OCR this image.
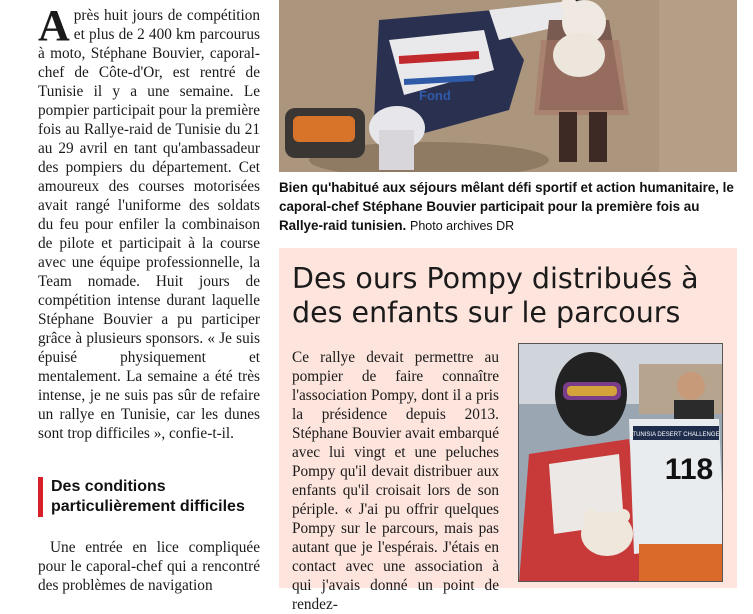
Après huit jours de compétition et plus de 2 400 km parcourus à moto, Stéphane Bouvier, caporal-chef de Côte-d'Or, est rentré de Tunisie il y a une semaine. Le pompier participait pour la première fois au Rallye-raid de Tunisie du 21 au 29 avril en tant qu'ambassadeur des pompiers du département. Cet amoureux des courses motorisées avait rangé l'uniforme des soldats du feu pour enfiler la combinaison de pilote et participait à la course avec une équipe professionnelle, la Team nomade. Huit jours de compétition intense durant laquelle Stéphane Bouvier a pu participer grâce à plusieurs sponsors. « Je suis épuisé physiquement et mentalement. La semaine a été très intense, je ne suis pas sûr de refaire un rallye en Tunisie, car les dunes sont trop difficiles », confie-t-il.

Des conditions particulièrement difficiles

Une entrée en lice compliquée pour le caporal-chef qui a rencontré des problèmes de navigation

Fond
Bien qu'habitué aux séjours mêlant défi sportif et action humanitaire, le caporal-chef Stéphane Bouvier participait pour la première fois au Rallye-raid tunisien. Photo archives DR
Des ours Pompy distribués à des enfants sur le parcours

Ce rallye devait permettre au pompier de faire connaître l'association Pompy, dont il a pris la présidence depuis 2013. Stéphane Bouvier avait embarqué avec lui vingt et une peluches Pompy qu'il devait distribuer aux enfants qu'il croisait lors de son périple. « J'ai pu offrir quelques Pompy sur le parcours, mais pas autant que je l'espérais. J'étais en contact avec une association à qui j'avais donné un point de rendez-

TUNISIA DESERT CHALLENGE
118
